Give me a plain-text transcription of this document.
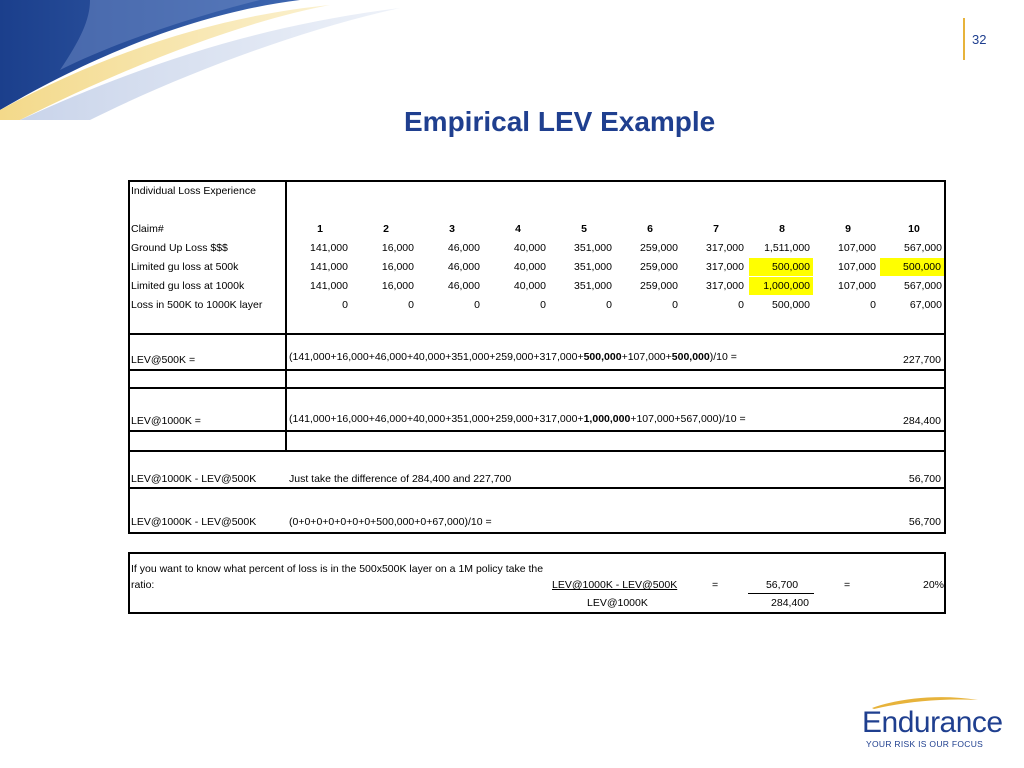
32
Empirical LEV Example
Individual Loss Experience
Claim#	1	2	3	4	5	6	7	8	9	10
Ground Up Loss $$$	141,000	16,000	46,000	40,000	351,000	259,000	317,000	1,511,000	107,000	567,000
Limited gu loss at 500k	141,000	16,000	46,000	40,000	351,000	259,000	317,000	500,000	107,000	500,000
Limited gu loss at 1000k	141,000	16,000	46,000	40,000	351,000	259,000	317,000	1,000,000	107,000	567,000
Loss in 500K to 1000K layer	0	0	0	0	0	0	0	500,000	0	67,000
LEV@500K =	(141,000+16,000+46,000+40,000+351,000+259,000+317,000+500,000+107,000+500,000)/10 =	227,700
LEV@1000K =	(141,000+16,000+46,000+40,000+351,000+259,000+317,000+1,000,000+107,000+567,000)/10 =	284,400
LEV@1000K - LEV@500K	Just take the difference of 284,400 and 227,700	56,700
LEV@1000K - LEV@500K	(0+0+0+0+0+0+0+500,000+0+67,000)/10 =	56,700
If you want to know what percent of loss is in the 500x500K layer on a 1M policy take the
ratio:	LEV@1000K - LEV@500K	=	56,700	=	20%
LEV@1000K	284,400
Endurance
YOUR RISK IS OUR FOCUS
